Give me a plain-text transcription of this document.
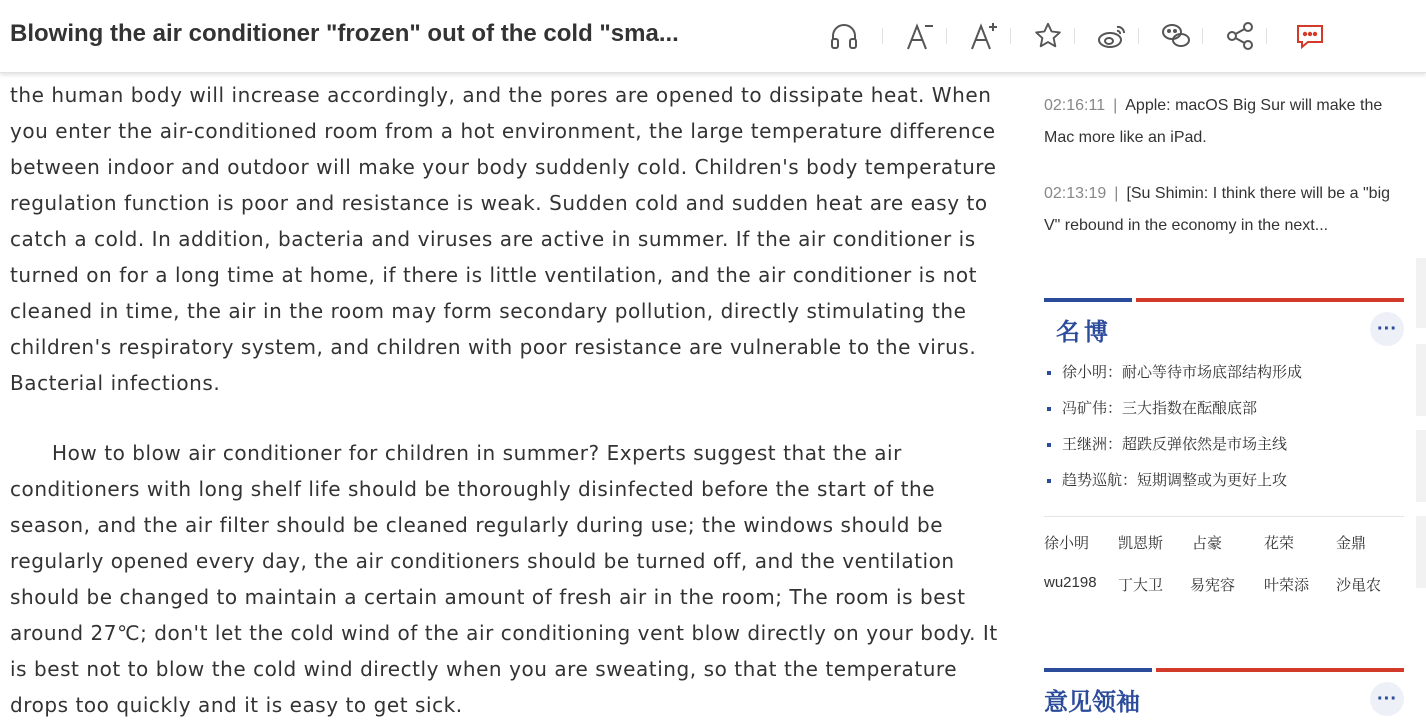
Blowing the air conditioner "frozen" out of the cold "sma...

the human body will increase accordingly, and the pores are opened to dissipate heat. When you enter the air-conditioned room from a hot environment, the large temperature difference between indoor and outdoor will make your body suddenly cold. Children's body temperature regulation function is poor and resistance is weak. Sudden cold and sudden heat are easy to catch a cold. In addition, bacteria and viruses are active in summer. If the air conditioner is turned on for a long time at home, if there is little ventilation, and the air conditioner is not cleaned in time, the air in the room may form secondary pollution, directly stimulating the children's respiratory system, and children with poor resistance are vulnerable to the virus. Bacterial infections.

How to blow air conditioner for children in summer? Experts suggest that the air conditioners with long shelf life should be thoroughly disinfected before the start of the season, and the air filter should be cleaned regularly during use; the windows should be regularly opened every day, the air conditioners should be turned off, and the ventilation should be changed to maintain a certain amount of fresh air in the room; The room is best around 27℃; don't let the cold wind of the air conditioning vent blow directly on your body. It is best not to blow the cold wind directly when you are sweating, so that the temperature drops too quickly and it is easy to get sick.

02:16:11 | Apple: macOS Big Sur will make the Mac more like an iPad.
02:13:19 | [Su Shimin: I think there will be a "big V" rebound in the economy in the next...
名博	···
徐小明：耐心等待市场底部结构形成
冯矿伟：三大指数在酝酿底部
王继洲：超跌反弹依然是市场主线
趋势巡航：短期调整或为更好上攻
徐小明 凯恩斯 占豪	花荣	金鼎
wu2198 丁大卫 易宪容 叶荣添 沙黾农
意见领袖	···
